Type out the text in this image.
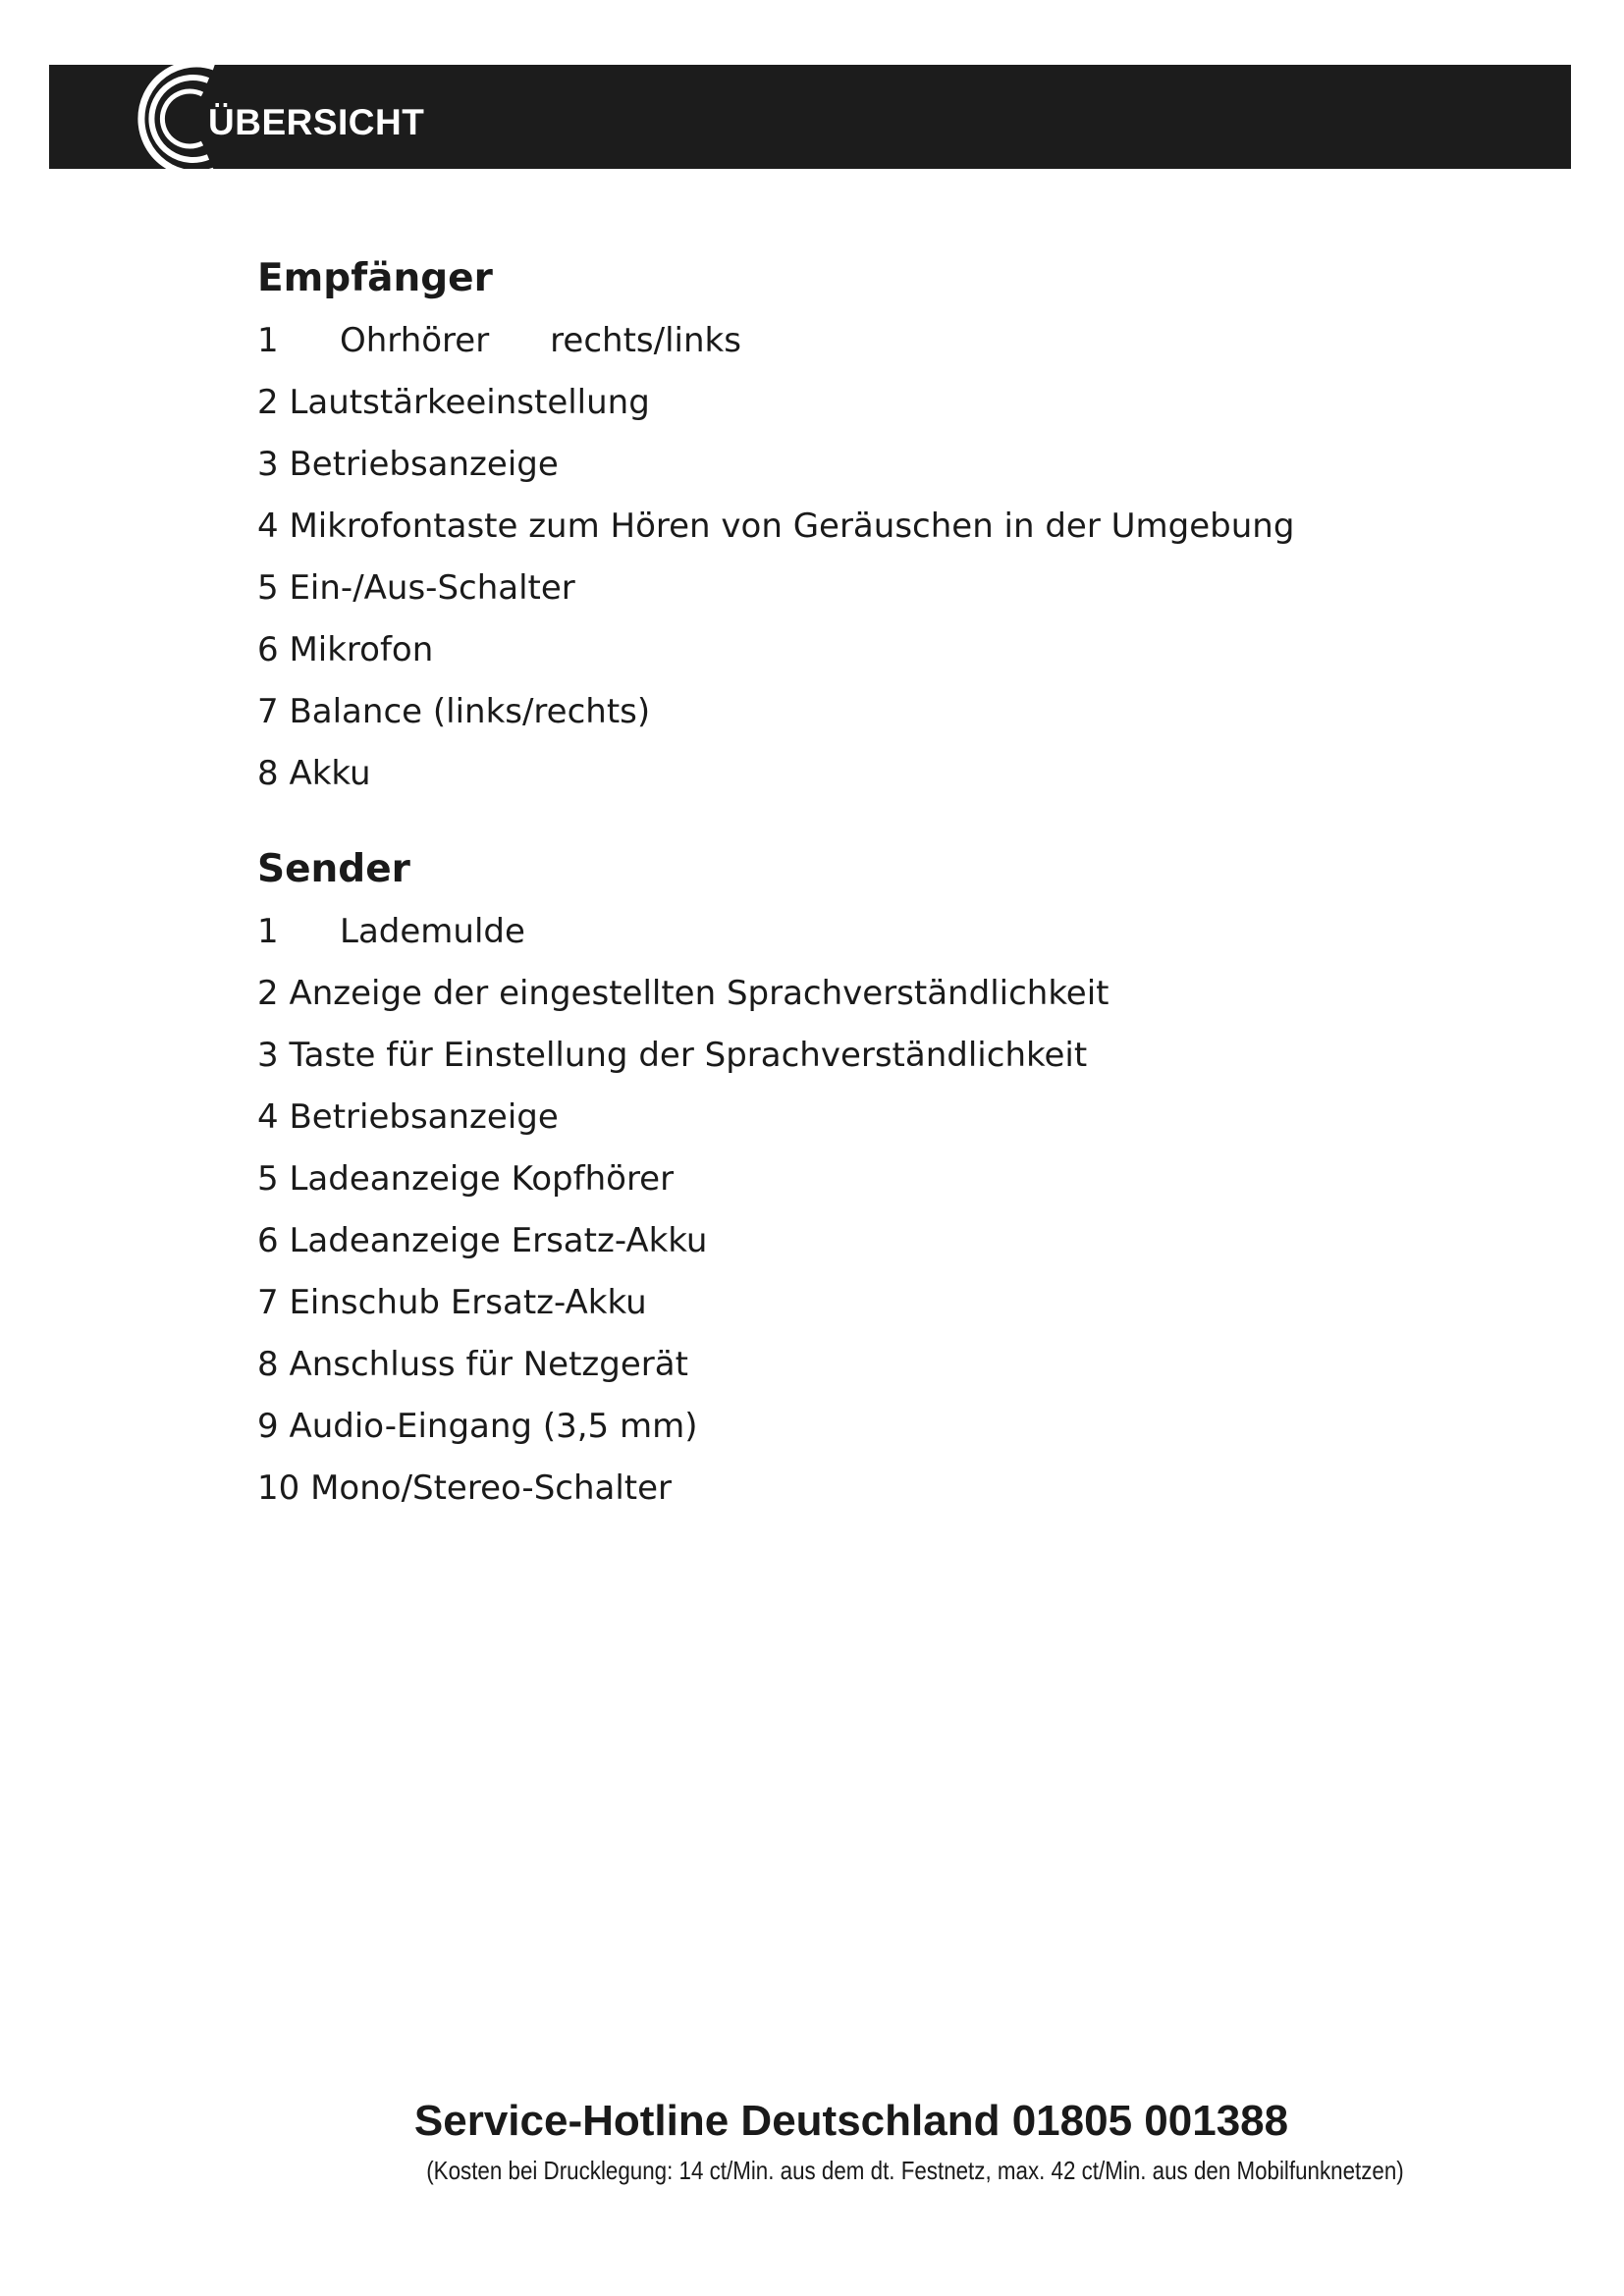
ÜBERSICHT
Empfänger
1 Ohrhörer rechts/links
2 Lautstärkeeinstellung
3 Betriebsanzeige
4 Mikrofontaste zum Hören von Geräuschen in der Umgebung
5 Ein-/Aus-Schalter
6 Mikrofon
7 Balance (links/rechts)
8 Akku
Sender
1 Lademulde
2 Anzeige der eingestellten Sprachverständlichkeit
3 Taste für Einstellung der Sprachverständlichkeit
4 Betriebsanzeige
5 Ladeanzeige Kopfhörer
6 Ladeanzeige Ersatz-Akku
7 Einschub Ersatz-Akku
8 Anschluss für Netzgerät
9 Audio-Eingang (3,5 mm)
10 Mono/Stereo-Schalter
Service-Hotline Deutschland 01805 001388
(Kosten bei Drucklegung: 14 ct/Min. aus dem dt. Festnetz, max. 42 ct/Min. aus den Mobilfunknetzen)
